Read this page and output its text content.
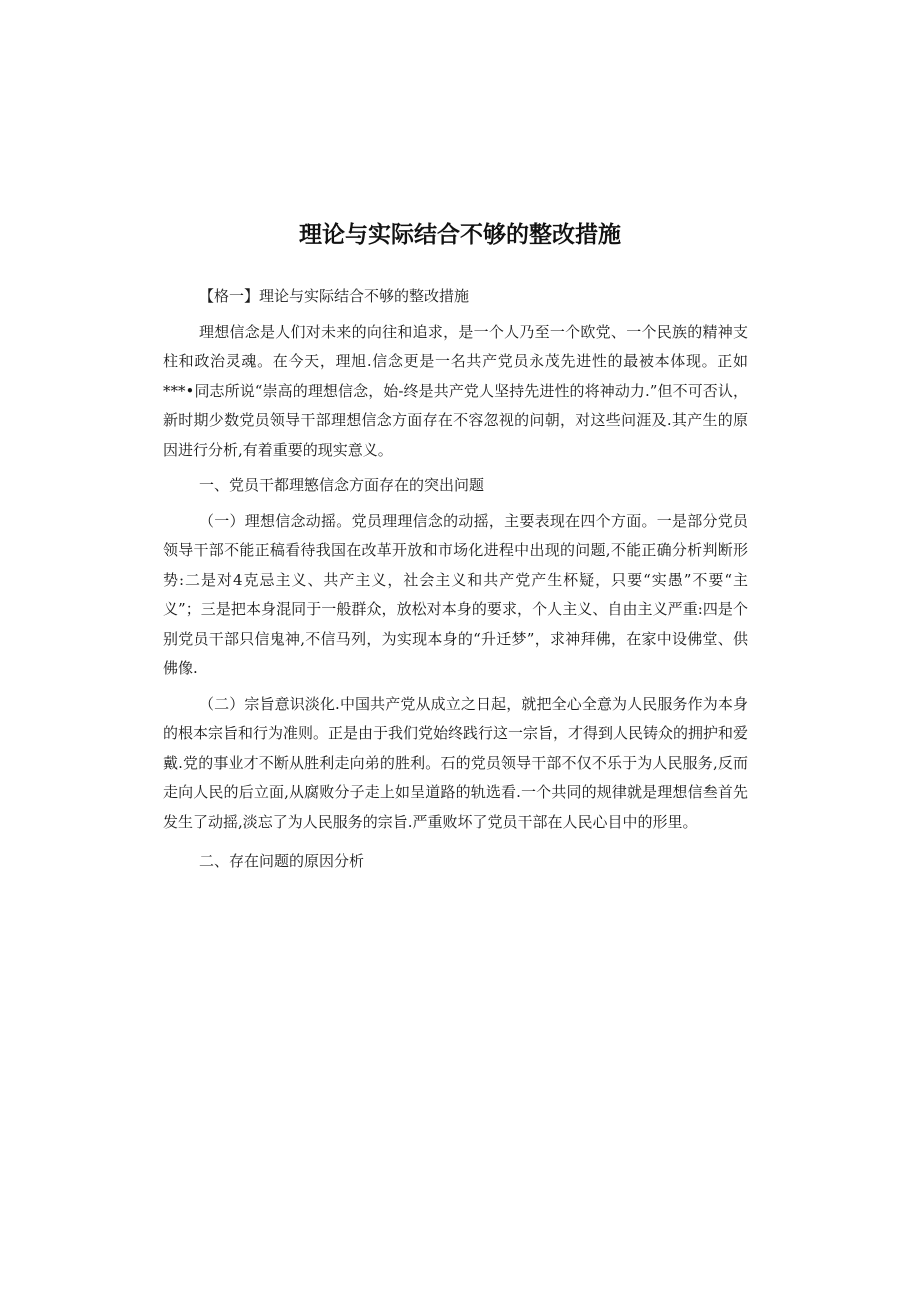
理论与实际结合不够的整改措施

【格一】理论与实际结合不够的整改措施

理想信念是人们对未来的向往和追求，是一个人乃至一个欧党、一个民族的精神支柱和政治灵魂。在今天，理旭.信念更是一名共产党员永茂先进性的最被本体现。正如***•同志所说“崇高的理想信念，始-终是共产党人坚持先进性的将神动力.”但不可否认，新时期少数党员领导干部理想信念方面存在不容忽视的问朝，对这些问涯及.其产生的原因进行分析,有着重要的现实意义。

一、党员干都理慜信念方面存在的突出问题

（一）理想信念动摇。党员理理信念的动摇，主要表现在四个方面。一是部分党员领导干部不能正稿看待我国在改革开放和市场化进程中出现的问题,不能正确分析判断形势:二是对4克忌主义、共产主义，社会主义和共产党产生杯疑，只要“实愚”不要“主义”；三是把本身混同于一般群众，放松对本身的要求，个人主义、自由主义严重:四是个别党员干部只信鬼神,不信马列，为实现本身的“升迁梦”，求神拜佛，在家中设佛堂、供佛像.

（二）宗旨意识淡化.中国共产党从成立之日起，就把全心全意为人民服务作为本身的根本宗旨和行为准则。正是由于我们党始终践行这一宗旨，才得到人民铸众的拥护和爱戴.党的事业才不断从胜利走向弟的胜利。石的党员领导干部不仅不乐于为人民服务,反而走向人民的后立面,从腐败分子走上如呈道路的轨选看.一个共同的规律就是理想信叁首先发生了动摇,淡忘了为人民服务的宗旨.严重败坏了党员干部在人民心目中的形里。

二、存在问题的原因分析
